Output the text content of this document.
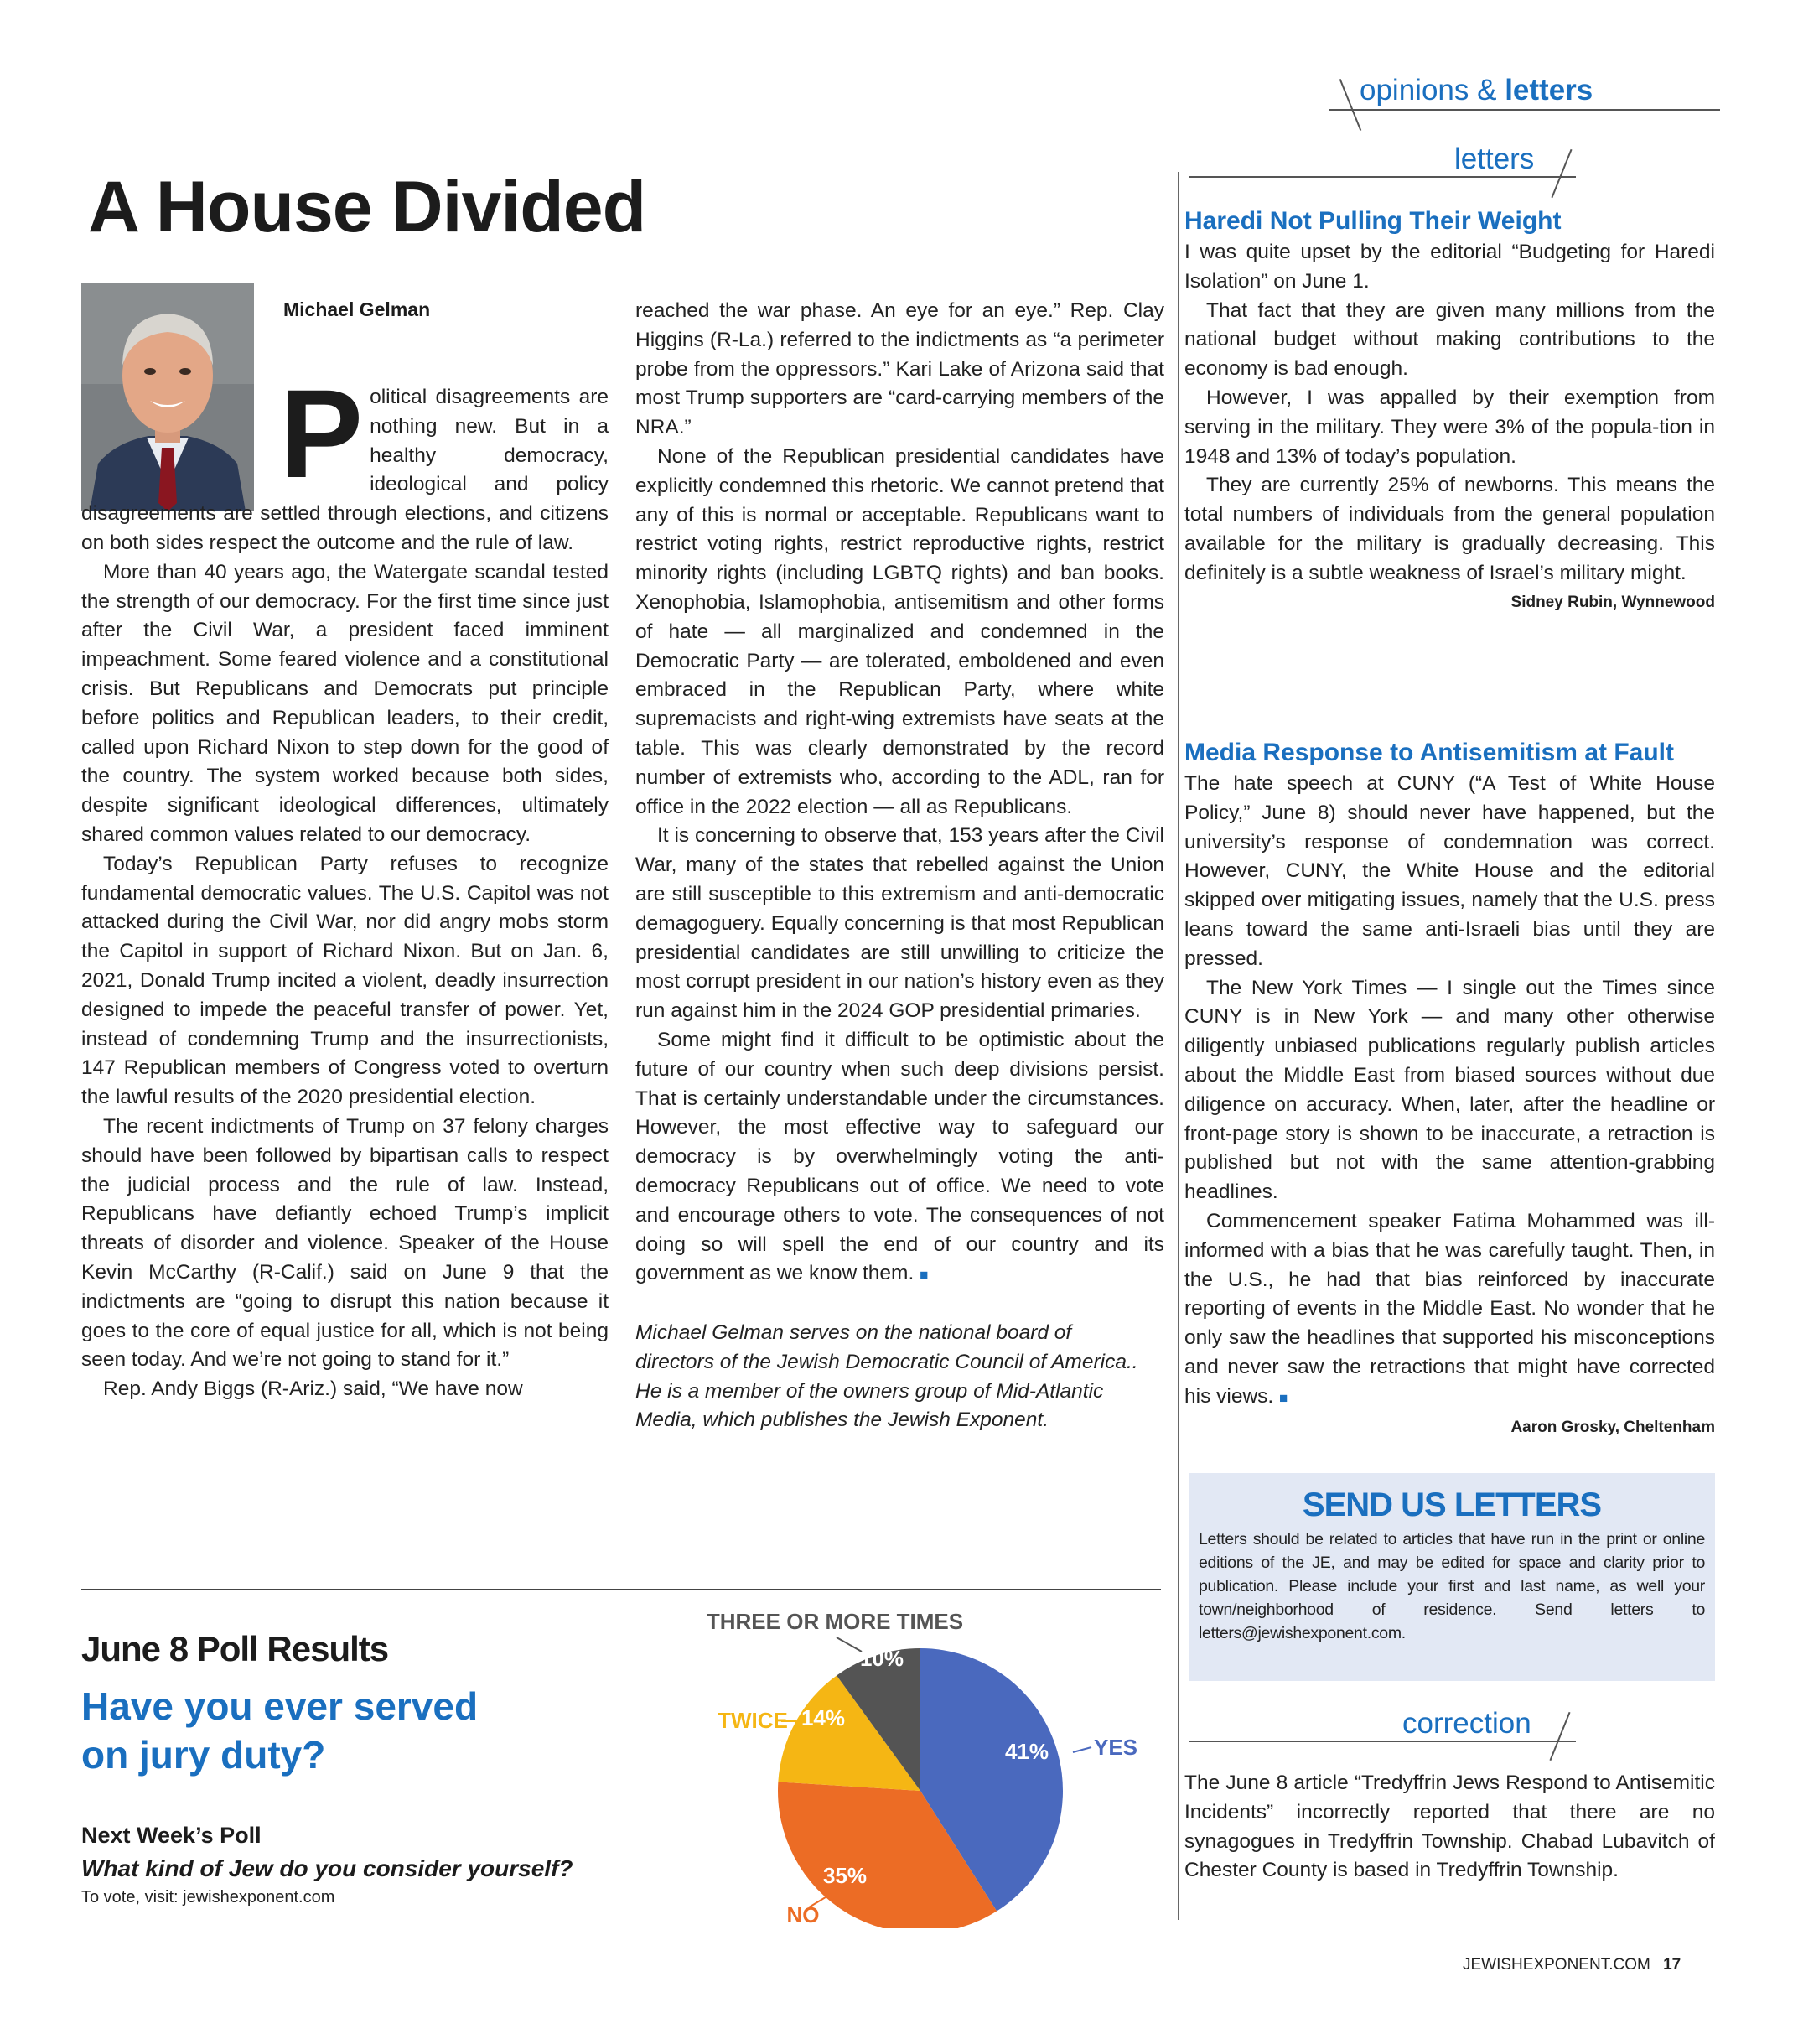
opinions & letters
A House Divided
Michael Gelman
P olitical disagreements are nothing new. But in a healthy democracy, ideological and policy disagreements are settled through elections, and citizens on both sides respect the outcome and the rule of law.

More than 40 years ago, the Watergate scandal tested the strength of our democracy. For the first time since just after the Civil War, a president faced imminent impeachment. Some feared violence and a constitutional crisis. But Republicans and Democrats put principle before politics and Republican leaders, to their credit, called upon Richard Nixon to step down for the good of the country. The system worked because both sides, despite significant ideological differences, ultimately shared common values related to our democracy.

Today’s Republican Party refuses to recognize fundamental democratic values. The U.S. Capitol was not attacked during the Civil War, nor did angry mobs storm the Capitol in support of Richard Nixon. But on Jan. 6, 2021, Donald Trump incited a violent, deadly insurrection designed to impede the peaceful transfer of power. Yet, instead of condemning Trump and the insurrectionists, 147 Republican members of Congress voted to overturn the lawful results of the 2020 presidential election.

The recent indictments of Trump on 37 felony charges should have been followed by bipartisan calls to respect the judicial process and the rule of law. Instead, Republicans have defiantly echoed Trump’s implicit threats of disorder and violence. Speaker of the House Kevin McCarthy (R-Calif.) said on June 9 that the indictments are “going to disrupt this nation because it goes to the core of equal justice for all, which is not being seen today. And we’re not going to stand for it.”

Rep. Andy Biggs (R-Ariz.) said, “We have now

reached the war phase. An eye for an eye.” Rep. Clay Higgins (R-La.) referred to the indictments as “a perimeter probe from the oppressors.” Kari Lake of Arizona said that most Trump supporters are “card-carrying members of the NRA.”

None of the Republican presidential candidates have explicitly condemned this rhetoric. We cannot pretend that any of this is normal or acceptable. Republicans want to restrict voting rights, restrict reproductive rights, restrict minority rights (including LGBTQ rights) and ban books. Xenophobia, Islamophobia, antisemitism and other forms of hate — all marginalized and condemned in the Democratic Party — are tolerated, emboldened and even embraced in the Republican Party, where white supremacists and right-wing extremists have seats at the table. This was clearly demonstrated by the record number of extremists who, according to the ADL, ran for office in the 2022 election — all as Republicans.

It is concerning to observe that, 153 years after the Civil War, many of the states that rebelled against the Union are still susceptible to this extremism and anti-democratic demagoguery. Equally concerning is that most Republican presidential candidates are still unwilling to criticize the most corrupt president in our nation’s history even as they run against him in the 2024 GOP presidential primaries.

Some might find it difficult to be optimistic about the future of our country when such deep divisions persist. That is certainly understandable under the circumstances. However, the most effective way to safeguard our democracy is by overwhelmingly voting the anti-democracy Republicans out of office. We need to vote and encourage others to vote. The consequences of not doing so will spell the end of our country and its government as we know them. ■

Michael Gelman serves on the national board of directors of the Jewish Democratic Council of America.. He is a member of the owners group of Mid-Atlantic Media, which publishes the Jewish Exponent.

letters
Haredi Not Pulling Their Weight

I was quite upset by the editorial “Budgeting for Haredi Isolation” on June 1.

That fact that they are given many millions from the national budget without making contributions to the economy is bad enough.

However, I was appalled by their exemption from serving in the military. They were 3% of the popula-tion in 1948 and 13% of today’s population.

They are currently 25% of newborns. This means the total numbers of individuals from the general population available for the military is gradually decreasing. This definitely is a subtle weakness of Israel’s military might.

Sidney Rubin, Wynnewood
Media Response to Antisemitism at Fault

The hate speech at CUNY (“A Test of White House Policy,” June 8) should never have happened, but the university’s response of condemnation was correct. However, CUNY, the White House and the editorial skipped over mitigating issues, namely that the U.S. press leans toward the same anti-Israeli bias until they are pressed.

The New York Times — I single out the Times since CUNY is in New York — and many other otherwise diligently unbiased publications regularly publish articles about the Middle East from biased sources without due diligence on accuracy. When, later, after the headline or front-page story is shown to be inaccurate, a retraction is published but not with the same attention-grabbing headlines.

Commencement speaker Fatima Mohammed was ill-informed with a bias that he was carefully taught. Then, in the U.S., he had that bias reinforced by inaccurate reporting of events in the Middle East. No wonder that he only saw the headlines that supported his misconceptions and never saw the retractions that might have corrected his views. ■

Aaron Grosky, Cheltenham
SEND US LETTERS
Letters should be related to articles that have run in the print or online editions of the JE, and may be edited for space and clarity prior to publication. Please include your first and last name, as well your town/neighborhood of residence. Send letters to letters@jewishexponent.com.
correction

The June 8 article “Tredyffrin Jews Respond to Antisemitic Incidents” incorrectly reported that there are no synagogues in Tredyffrin Township. Chabad Lubavitch of Chester County is based in Tredyffrin Township.

June 8 Poll Results
Have you ever served
on jury duty?
Next Week’s Poll
What kind of Jew do you consider yourself?
To vote, visit: jewishexponent.com
41% YES
35%
NO
14%
TWICE
10%
THREE OR MORE TIMES
JEWISHEXPONENT.COM 17
